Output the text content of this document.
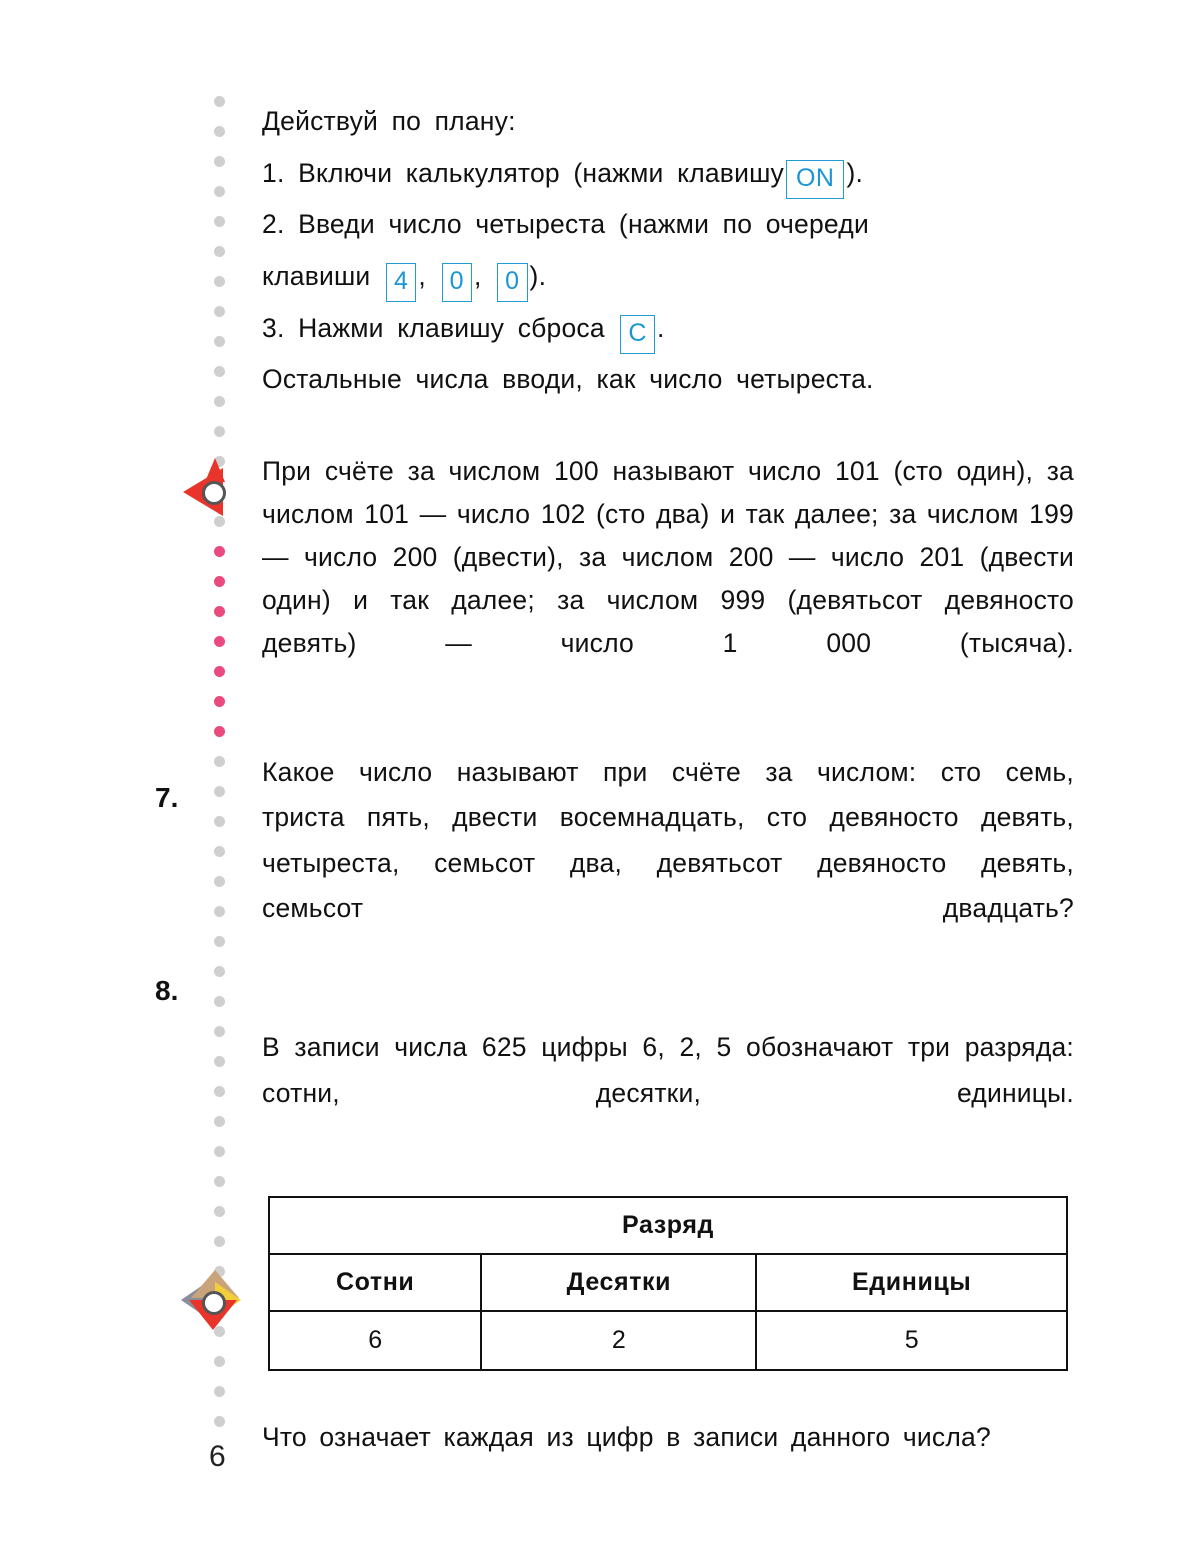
7.
8.

Действуй по плану:

1. Включи калькулятор (нажми клавишу ON ).

2. Введи число четыреста (нажми по очереди

клавиши 4 , 0 , 0 ).

3. Нажми клавишу сброса C .

Остальные числа вводи, как число четыреста.

При счёте за числом 100 называют число 101 (сто один), за числом 101 — число 102 (сто два) и так далее; за числом 199 — число 200 (двести), за числом 200 — число 201 (двести один) и так далее; за числом 999 (девятьсот девяносто девять) — число 1 000 (тысяча).

Какое число называют при счёте за числом: сто семь, триста пять, двести восемнадцать, сто девяносто девять, четыреста, семьсот два, девятьсот девяносто девять, семьсот двадцать?

В записи числа 625 цифры 6, 2, 5 обозначают три разряда: сотни, десятки, единицы.

Разряд		
Сотни	Десятки	Единицы
6	2	5

Что означает каждая из цифр в записи данного числа?

6
